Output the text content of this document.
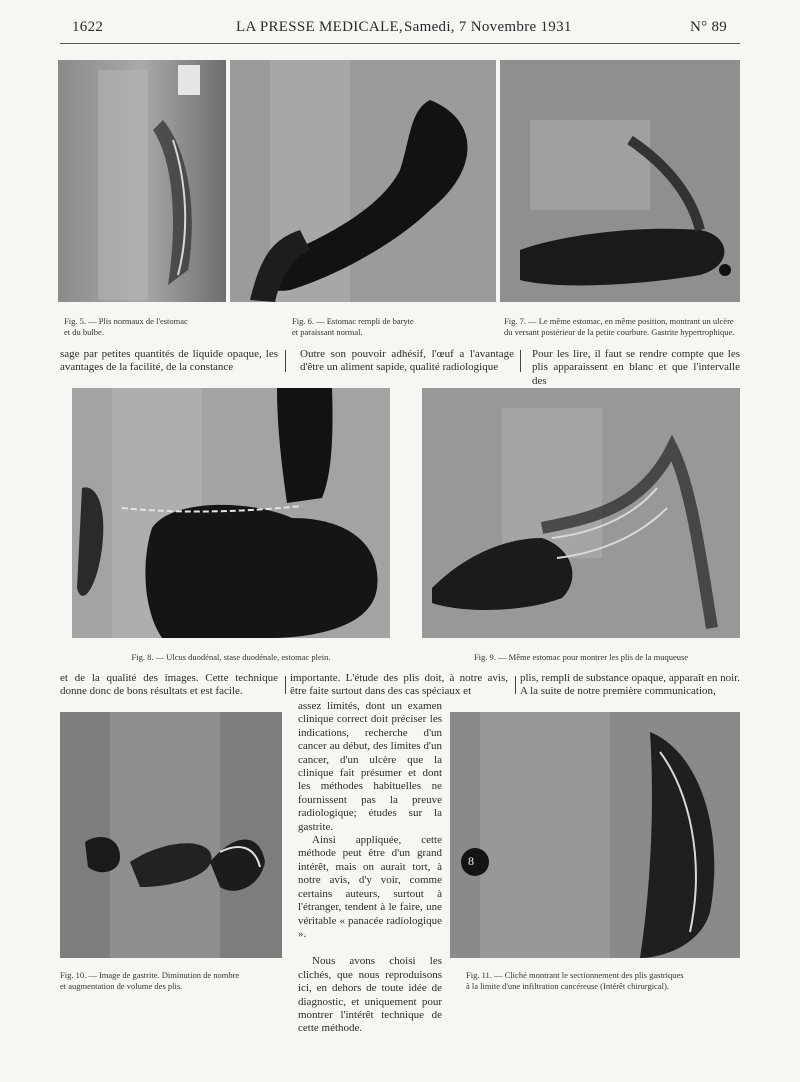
1622	LA PRESSE MEDICALE, Samedi, 7 Novembre 1931	N° 89
Fig. 5. — Plis normaux de l'estomac
et du bulbe.
Fig. 6. — Estomac rempli de baryte
et paraissant normal.
Fig. 7. — Le même estomac, en même position, montrant un ulcère du versant postérieur de la petite courbure. Gastrite hypertrophique.
sage par petites quantités de liquide opaque, les avantages de la facilité, de la constance
Outre son pouvoir adhésif, l'œuf a l'avantage d'être un aliment sapide, qualité radiologique
Pour les lire, il faut se rendre compte que les plis apparaissent en blanc et que l'intervalle des
Fig. 8. — Ulcus duodénal, stase duodénale, estomac plein.	Fig. 9. — Même estomac pour montrer les plis de la muqueuse
et de la qualité des images. Cette technique donne donc de bons résultats et est facile.
importante. L'étude des plis doit, à notre avis, être faite surtout dans des cas spéciaux et

assez limités, dont un examen clinique correct doit préciser les indications, recherche d'un cancer au début, des limites d'un cancer, d'un ulcère que la clinique fait présumer et dont les méthodes habituelles ne fournissent pas la preuve radiologique; études sur la gastrite.

Ainsi appliquée, cette méthode peut être d'un grand intérêt, mais on aurait tort, à notre avis, d'y voir, comme certains auteurs, surtout à l'étranger, tendent à le faire, une véritable « panacée radiologique ».

Nous avons choisi les clichés, que nous reproduisons ici, en dehors de toute idée de diagnostic, et uniquement pour montrer l'intérêt technique de cette méthode.

plis, rempli de substance opaque, apparaît en noir. A la suite de notre première communication,
Fig. 10. — Image de gastrite. Diminution de nombre
et augmentation de volume des plis.
8
Fig. 11. — Cliché montrant le sectionnement des plis gastriques
à la limite d'une infiltration cancéreuse (Intérêt chirurgical).
